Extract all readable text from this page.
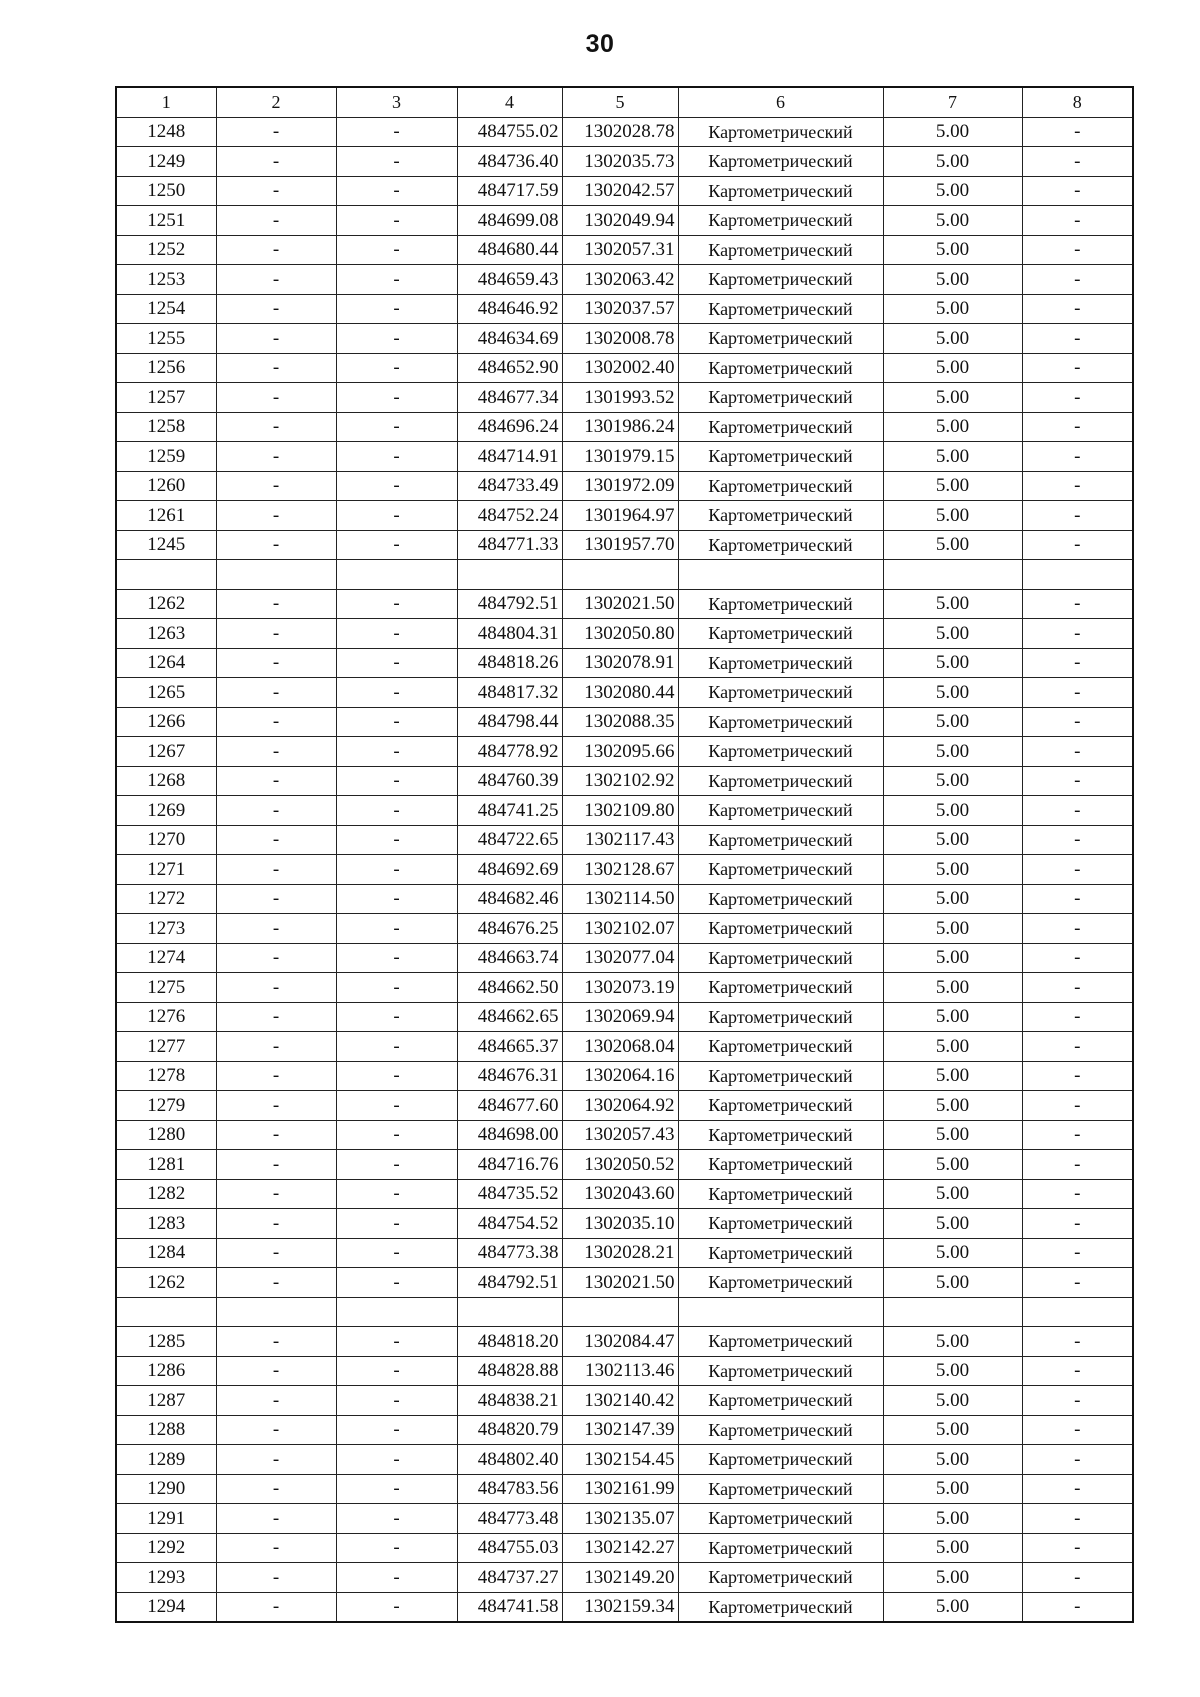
30
1	2	3	4	5	6	7	8
1248	-	-	484755.02	1302028.78	Картометрический	5.00	-
1249	-	-	484736.40	1302035.73	Картометрический	5.00	-
1250	-	-	484717.59	1302042.57	Картометрический	5.00	-
1251	-	-	484699.08	1302049.94	Картометрический	5.00	-
1252	-	-	484680.44	1302057.31	Картометрический	5.00	-
1253	-	-	484659.43	1302063.42	Картометрический	5.00	-
1254	-	-	484646.92	1302037.57	Картометрический	5.00	-
1255	-	-	484634.69	1302008.78	Картометрический	5.00	-
1256	-	-	484652.90	1302002.40	Картометрический	5.00	-
1257	-	-	484677.34	1301993.52	Картометрический	5.00	-
1258	-	-	484696.24	1301986.24	Картометрический	5.00	-
1259	-	-	484714.91	1301979.15	Картометрический	5.00	-
1260	-	-	484733.49	1301972.09	Картометрический	5.00	-
1261	-	-	484752.24	1301964.97	Картометрический	5.00	-
1245	-	-	484771.33	1301957.70	Картометрический	5.00	-

1262	-	-	484792.51	1302021.50	Картометрический	5.00	-
1263	-	-	484804.31	1302050.80	Картометрический	5.00	-
1264	-	-	484818.26	1302078.91	Картометрический	5.00	-
1265	-	-	484817.32	1302080.44	Картометрический	5.00	-
1266	-	-	484798.44	1302088.35	Картометрический	5.00	-
1267	-	-	484778.92	1302095.66	Картометрический	5.00	-
1268	-	-	484760.39	1302102.92	Картометрический	5.00	-
1269	-	-	484741.25	1302109.80	Картометрический	5.00	-
1270	-	-	484722.65	1302117.43	Картометрический	5.00	-
1271	-	-	484692.69	1302128.67	Картометрический	5.00	-
1272	-	-	484682.46	1302114.50	Картометрический	5.00	-
1273	-	-	484676.25	1302102.07	Картометрический	5.00	-
1274	-	-	484663.74	1302077.04	Картометрический	5.00	-
1275	-	-	484662.50	1302073.19	Картометрический	5.00	-
1276	-	-	484662.65	1302069.94	Картометрический	5.00	-
1277	-	-	484665.37	1302068.04	Картометрический	5.00	-
1278	-	-	484676.31	1302064.16	Картометрический	5.00	-
1279	-	-	484677.60	1302064.92	Картометрический	5.00	-
1280	-	-	484698.00	1302057.43	Картометрический	5.00	-
1281	-	-	484716.76	1302050.52	Картометрический	5.00	-
1282	-	-	484735.52	1302043.60	Картометрический	5.00	-
1283	-	-	484754.52	1302035.10	Картометрический	5.00	-
1284	-	-	484773.38	1302028.21	Картометрический	5.00	-
1262	-	-	484792.51	1302021.50	Картометрический	5.00	-

1285	-	-	484818.20	1302084.47	Картометрический	5.00	-
1286	-	-	484828.88	1302113.46	Картометрический	5.00	-
1287	-	-	484838.21	1302140.42	Картометрический	5.00	-
1288	-	-	484820.79	1302147.39	Картометрический	5.00	-
1289	-	-	484802.40	1302154.45	Картометрический	5.00	-
1290	-	-	484783.56	1302161.99	Картометрический	5.00	-
1291	-	-	484773.48	1302135.07	Картометрический	5.00	-
1292	-	-	484755.03	1302142.27	Картометрический	5.00	-
1293	-	-	484737.27	1302149.20	Картометрический	5.00	-
1294	-	-	484741.58	1302159.34	Картометрический	5.00	-
